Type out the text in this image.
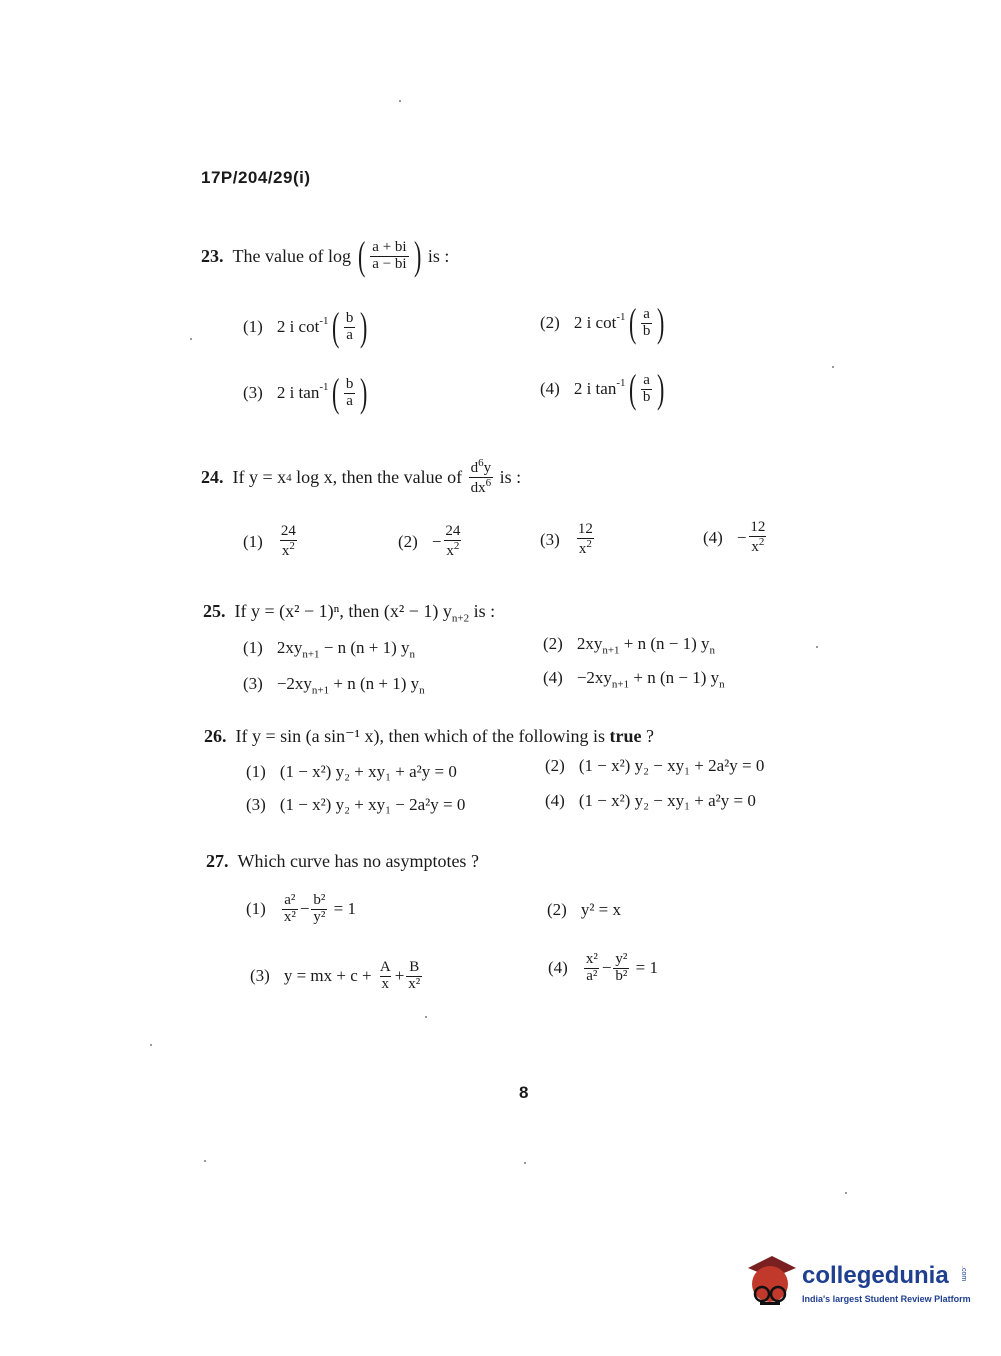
17P/204/29(i)
23.
The value of log ( $\frac{a + bi}{a - bi}$ ) is :
(1) 2 i $\cot^{-1}$ ( $\frac{b}{a}$ )	(2) 2 i $\cot^{-1}$ ( $\frac{a}{b}$ )
(3) 2 i $\tan^{-1}$ ( $\frac{b}{a}$ )	(4) 2 i $\tan^{-1}$ ( $\frac{a}{b}$ )
24.
If y = x 4
log x, then the value of
$\frac{d^6y}{dx^6}$
is :
$(1) \frac{24}{x^2}$	$(2) - \frac{24}{x^2}$	$(3) \frac{12}{x^2}$	$(4) - \frac{12}{x^2}$
25. If y = (x² − 1)ⁿ, then (x² − 1) $y_{n+2}$ is :
(1) $2xy_{n+1} - n$ (n + 1) $y_n$
(2) $2xy_{n+1} + n$ (n − 1) $y_n$
$(3) -2xy_{n+1} + n$ (n + 1) $y_n$
$(4) -2xy_{n+1} + n$ (n − 1) $y_n$
26. If y = sin (a sin⁻¹ x), then which of the following is true ?
(1) (1 − x²) y₂ + xy₁ + a²y = 0	(2) (1 − x²) y₂ − xy₁ + 2a²y = 0
(3) (1 − x²) y₂ + xy₁ − 2a²y = 0	(4) (1 − x²) y₂ − xy₁ + a²y = 0
27. Which curve has no asymptotes ?
$(1) \frac{\text{a²}}{\text{x²}} - \frac{\text{b²}}{\text{y²}}$
= 1	(2) y² = x
(3) y = mx + c +
$\frac{A}{x} + \frac{B}{\text{x²}}$	$(4) \frac{\text{x²}}{\text{a²}} - \frac{\text{y²}}{\text{b²}}$
= 1
8
collegedunia .com
India's largest Student Review Platform
